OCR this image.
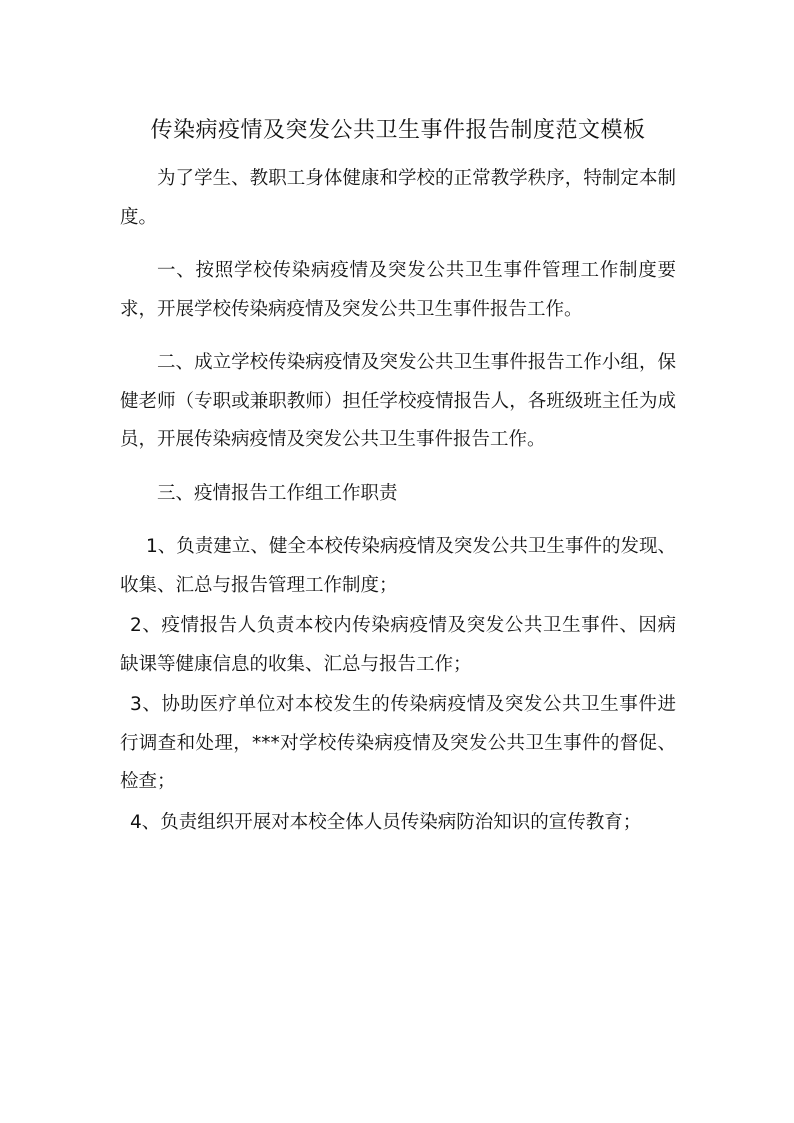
传染病疫情及突发公共卫生事件报告制度范文模板

为了学生、教职工身体健康和学校的正常教学秩序，特制定本制度。

一、按照学校传染病疫情及突发公共卫生事件管理工作制度要求，开展学校传染病疫情及突发公共卫生事件报告工作。

二、成立学校传染病疫情及突发公共卫生事件报告工作小组，保健老师（专职或兼职教师）担任学校疫情报告人，各班级班主任为成员，开展传染病疫情及突发公共卫生事件报告工作。

三、疫情报告工作组工作职责

1、负责建立、健全本校传染病疫情及突发公共卫生事件的发现、收集、汇总与报告管理工作制度；

2、疫情报告人负责本校内传染病疫情及突发公共卫生事件、因病缺课等健康信息的收集、汇总与报告工作；

3、协助医疗单位对本校发生的传染病疫情及突发公共卫生事件进行调查和处理，***对学校传染病疫情及突发公共卫生事件的督促、检查；

4、负责组织开展对本校全体人员传染病防治知识的宣传教育；
